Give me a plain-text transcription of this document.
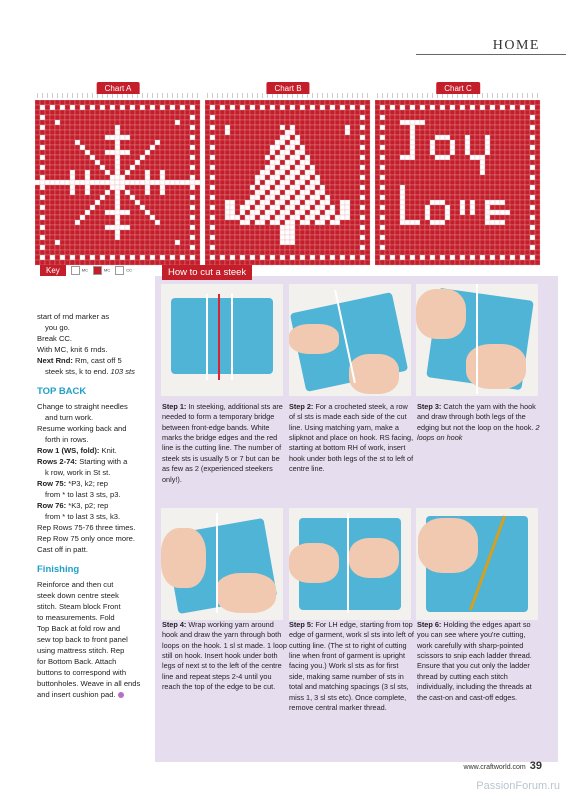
HOME
Chart A	Chart B	Chart C
Key	MC	MC	CC	How to cut a steek
Step 1: In steeking, additional sts are needed to form a temporary bridge between front-edge bands. White marks the bridge edges and the red line is the cutting line. The number of steek sts is usually 5 or 7 but can be as few as 2 (experienced steekers only!).
Step 2: For a crocheted steek, a row of sl sts is made each side of the cut line. Using matching yarn, make a slipknot and place on hook. RS facing, starting at bottom RH of work, insert hook under both legs of the st to left of centre line.
Step 3: Catch the yarn with the hook and draw through both legs of the edging but not the loop on the hook. 2 loops on hook
Step 4: Wrap working yarn around hook and draw the yarn through both loops on the hook. 1 sl st made. 1 loop still on hook. Insert hook under both legs of next st to the left of the centre line and repeat steps 2-4 until you reach the top of the edge to be cut.
Step 5: For LH edge, starting from top edge of garment, work sl sts into left of cutting line. (The st to right of cutting line when front of garment is upright facing you.) Work sl sts as for first side, making same number of sts in total and matching spacings (3 sl sts, miss 1, 3 sl sts etc). Once complete, remove central marker thread.
Step 6: Holding the edges apart so you can see where you're cutting, work carefully with sharp-pointed scissors to snip each ladder thread. Ensure that you cut only the ladder thread by cutting each stitch individually, including the threads at the cast-on and cast-off edges.

start of rnd marker as

you go.

Break CC.

With MC, knit 6 rnds.

Next Rnd: Rm, cast off 5

steek sts, k to end. 103 sts

TOP BACK

Change to straight needles

and turn work.

Resume working back and

forth in rows.

Row 1 (WS, fold): Knit.

Rows 2-74: Starting with a

k row, work in St st.

Row 75: *P3, k2; rep

from * to last 3 sts, p3.

Row 76: *K3, p2; rep

from * to last 3 sts, k3.

Rep Rows 75-76 three times.

Rep Row 75 only once more.

Cast off in patt.

Finishing

Reinforce and then cut

steek down centre steek

stitch. Steam block Front

to measurements. Fold

Top Back at fold row and

sew top back to front panel

using mattress stitch. Rep

for Bottom Back. Attach

buttons to correspond with

buttonholes. Weave in all ends

and insert cushion pad.

www.craftworld.com 39
PassionForum.ru
